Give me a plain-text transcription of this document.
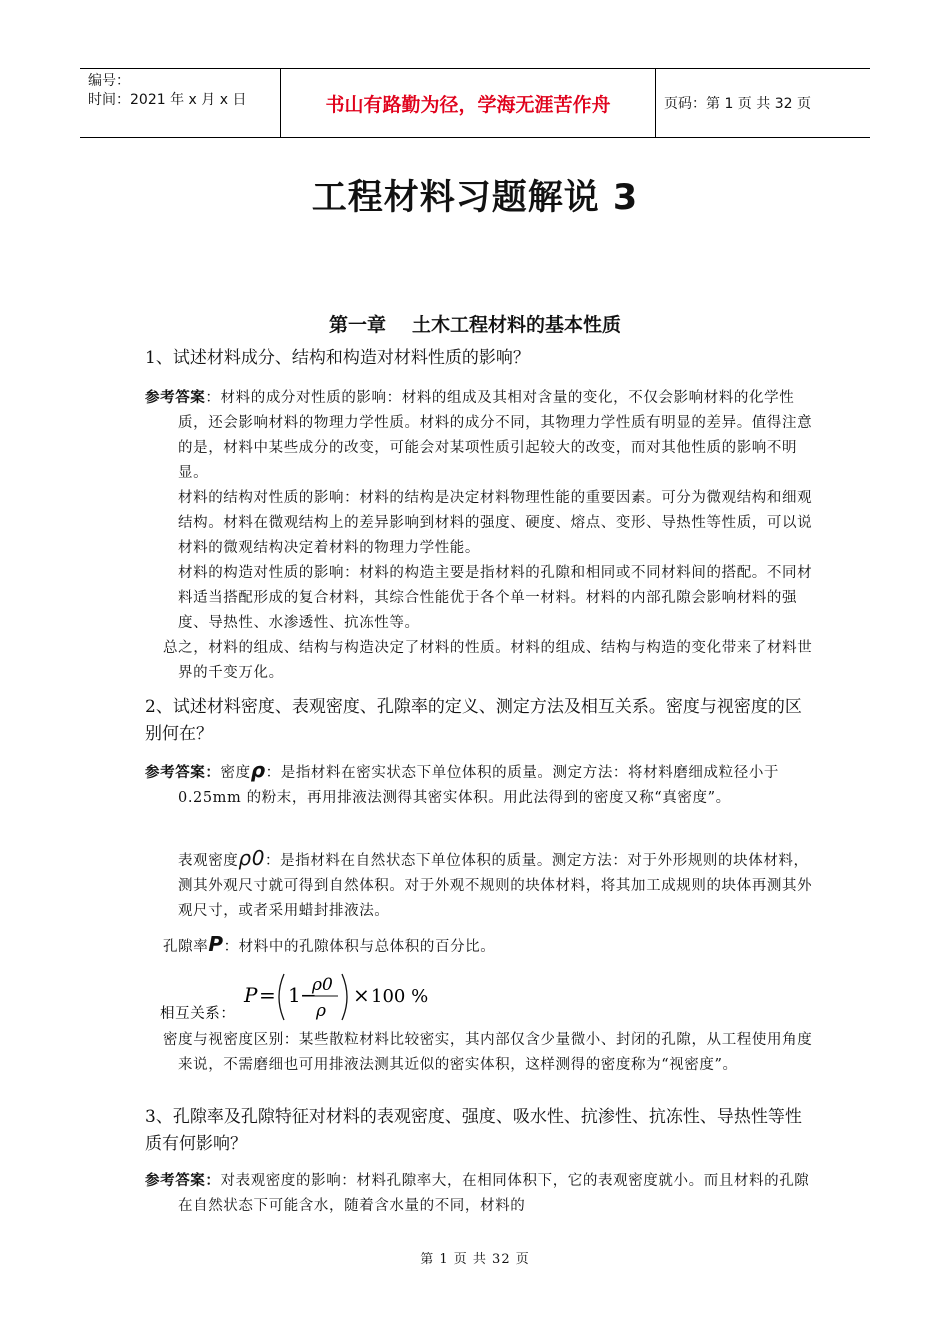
编号：
时间：2021 年 x 月 x 日	书山有路勤为径，学海无涯苦作舟	页码：第 1 页 共 32 页
工程材料习题解说 3
第一章 土木工程材料的基本性质
1、试述材料成分、结构和构造对材料性质的影响？

参考答案：材料的成分对性质的影响：材料的组成及其相对含量的变化，不仅会影响材料的化学性质，还会影响材料的物理力学性质。材料的成分不同，其物理力学性质有明显的差异。值得注意的是，材料中某些成分的改变，可能会对某项性质引起较大的改变，而对其他性质的影响不明显。

材料的结构对性质的影响：材料的结构是决定材料物理性能的重要因素。可分为微观结构和细观结构。材料在微观结构上的差异影响到材料的强度、硬度、熔点、变形、导热性等性质，可以说材料的微观结构决定着材料的物理力学性能。

材料的构造对性质的影响：材料的构造主要是指材料的孔隙和相同或不同材料间的搭配。不同材料适当搭配形成的复合材料，其综合性能优于各个单一材料。材料的内部孔隙会影响材料的强度、导热性、水渗透性、抗冻性等。

总之，材料的组成、结构与构造决定了材料的性质。材料的组成、结构与构造的变化带来了材料世界的千变万化。

2、试述材料密度、表观密度、孔隙率的定义、测定方法及相互关系。密度与视密度的区别何在？

参考答案：密度ρ：是指材料在密实状态下单位体积的质量。测定方法：将材料磨细成粒径小于 0.25mm 的粉末，再用排液法测得其密实体积。用此法得到的密度又称“真密度”。

表观密度ρ0：是指材料在自然状态下单位体积的质量。测定方法：对于外形规则的块体材料，测其外观尺寸就可得到自然体积。对于外观不规则的块体材料，将其加工成规则的块体再测其外观尺寸，或者采用蜡封排液法。

孔隙率P：材料中的孔隙体积与总体积的百分比。

相互关系：
P = 1 −
ρ0
ρ
× 100 %

密度与视密度区别：某些散粒材料比较密实，其内部仅含少量微小、封闭的孔隙，从工程使用角度来说，不需磨细也可用排液法测其近似的密实体积，这样测得的密度称为“视密度”。

3、孔隙率及孔隙特征对材料的表观密度、强度、吸水性、抗渗性、抗冻性、导热性等性质有何影响？

参考答案：对表观密度的影响：材料孔隙率大，在相同体积下，它的表观密度就小。而且材料的孔隙在自然状态下可能含水，随着含水量的不同，材料的

第 1 页 共 32 页
